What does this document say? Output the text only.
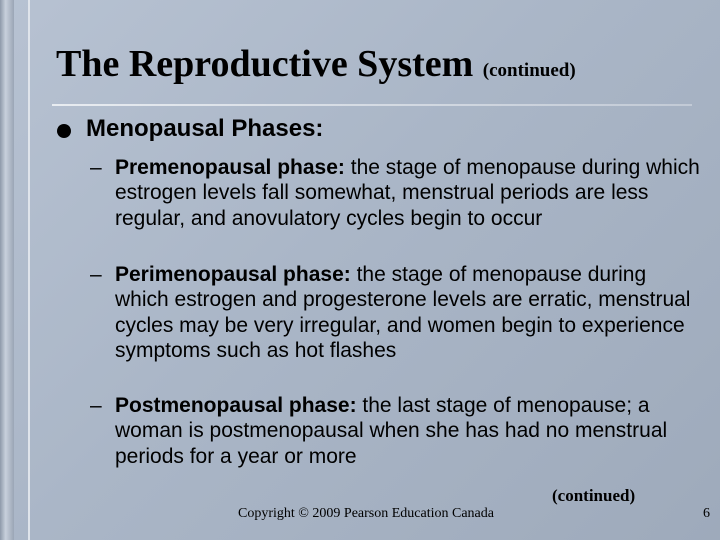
The Reproductive System (continued)
Menopausal Phases:
– Premenopausal phase: the stage of menopause during which estrogen levels fall somewhat, menstrual periods are less regular, and anovulatory cycles begin to occur
– Perimenopausal phase: the stage of menopause during which estrogen and progesterone levels are erratic, menstrual cycles may be very irregular, and women begin to experience symptoms such as hot flashes
– Postmenopausal phase: the last stage of menopause; a woman is postmenopausal when she has had no menstrual periods for a year or more
(continued)
Copyright © 2009 Pearson Education Canada	6
